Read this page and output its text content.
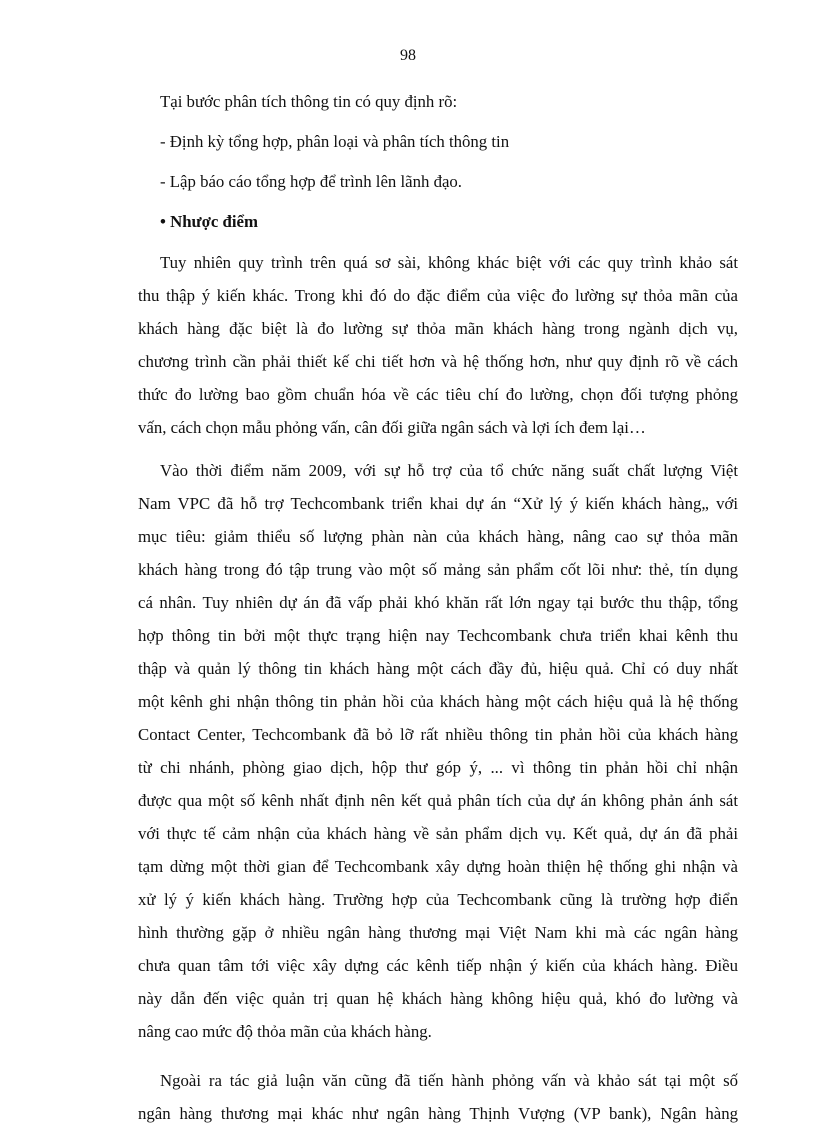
98
Tại bước phân tích thông tin có quy định rõ:
- Định kỳ tổng hợp, phân loại và phân tích thông tin
- Lập báo cáo tổng hợp để trình lên lãnh đạo.
• Nhược điểm
Tuy nhiên quy trình trên quá sơ sài, không khác biệt với các quy trình khảo sát
thu thập ý kiến khác. Trong khi đó do đặc điểm của việc đo lường sự thỏa mãn của
khách hàng đặc biệt là đo lường sự thỏa mãn khách hàng trong ngành dịch vụ,
chương trình cần phải thiết kế chi tiết hơn và hệ thống hơn, như quy định rõ về cách
thức đo lường bao gồm chuẩn hóa về các tiêu chí đo lường, chọn đối tượng phỏng
vấn, cách chọn mẫu phỏng vấn, cân đối giữa ngân sách và lợi ích đem lại…
Vào thời điểm năm 2009, với sự hỗ trợ của tổ chức năng suất chất lượng Việt
Nam VPC đã hỗ trợ Techcombank triển khai dự án “Xử lý ý kiến khách hàng„ với
mục tiêu: giảm thiểu số lượng phàn nàn của khách hàng, nâng cao sự thỏa mãn
khách hàng trong đó tập trung vào một số mảng sản phẩm cốt lõi như: thẻ, tín dụng
cá nhân. Tuy nhiên dự án đã vấp phải khó khăn rất lớn ngay tại bước thu thập, tổng
hợp thông tin bởi một thực trạng hiện nay Techcombank chưa triển khai kênh thu
thập và quản lý thông tin khách hàng một cách đầy đủ, hiệu quả. Chỉ có duy nhất
một kênh ghi nhận thông tin phản hồi của khách hàng một cách hiệu quả là hệ thống
Contact Center, Techcombank đã bỏ lỡ rất nhiều thông tin phản hồi của khách hàng
từ chi nhánh, phòng giao dịch, hộp thư góp ý, ... vì thông tin phản hồi chỉ nhận
được qua một số kênh nhất định nên kết quả phân tích của dự án không phản ánh sát
với thực tế cảm nhận của khách hàng về sản phẩm dịch vụ. Kết quả, dự án đã phải
tạm dừng một thời gian để Techcombank xây dựng hoàn thiện hệ thống ghi nhận và
xử lý ý kiến khách hàng. Trường hợp của Techcombank cũng là trường hợp điển
hình thường gặp ở nhiều ngân hàng thương mại Việt Nam khi mà các ngân hàng
chưa quan tâm tới việc xây dựng các kênh tiếp nhận ý kiến của khách hàng. Điều
này dẫn đến việc quản trị quan hệ khách hàng không hiệu quả, khó đo lường và
nâng cao mức độ thỏa mãn của khách hàng.
Ngoài ra tác giả luận văn cũng đã tiến hành phỏng vấn và khảo sát tại một số
ngân hàng thương mại khác như ngân hàng Thịnh Vượng (VP bank), Ngân hàng
